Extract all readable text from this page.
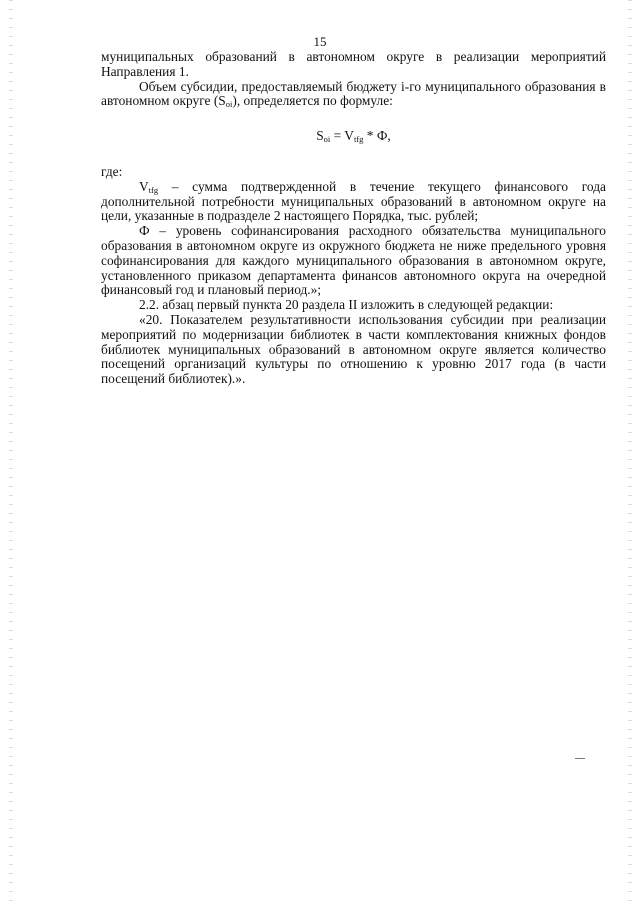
15

муниципальных образований в автономном округе в реализации мероприятий Направления 1.

Объем субсидии, предоставляемый бюджету i-го муниципального образования в автономном округе $(S_{oi})$, определяется по формуле:

$S_{oi} = V_{tfg} * Ф$,

где:

$V_{tfg}$ – сумма подтвержденной в течение текущего финансового года дополнительной потребности муниципальных образований в автономном округе на цели, указанные в подразделе 2 настоящего Порядка, тыс. рублей;

Ф – уровень софинансирования расходного обязательства муниципального образования в автономном округе из окружного бюджета не ниже предельного уровня софинансирования для каждого муниципального образования в автономном округе, установленного приказом департамента финансов автономного округа на очередной финансовый год и плановый период.»;

2.2. абзац первый пункта 20 раздела II изложить в следующей редакции:

«20. Показателем результативности использования субсидии при реализации мероприятий по модернизации библиотек в части комплектования книжных фондов библиотек муниципальных образований в автономном округе является количество посещений организаций культуры по отношению к уровню 2017 года (в части посещений библиотек).».
